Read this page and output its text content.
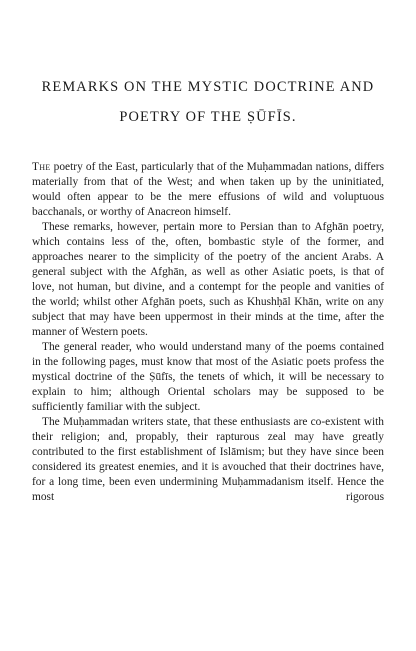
REMARKS ON THE MYSTIC DOCTRINE AND
POETRY OF THE ṢŪFĪS.

The poetry of the East, particularly that of the Muḥammadan nations, differs materially from that of the West; and when taken up by the uninitiated, would often appear to be the mere effusions of wild and voluptuous bacchanals, or worthy of Anacreon himself.

These remarks, however, pertain more to Persian than to Afghān poetry, which contains less of the, often, bombastic style of the former, and approaches nearer to the simplicity of the poetry of the ancient Arabs. A general subject with the Afghān, as well as other Asiatic poets, is that of love, not human, but divine, and a contempt for the people and vanities of the world; whilst other Afghān poets, such as Khushḥāl Khān, write on any subject that may have been uppermost in their minds at the time, after the manner of Western poets.

The general reader, who would understand many of the poems contained in the following pages, must know that most of the Asiatic poets profess the mystical doctrine of the Ṣūfīs, the tenets of which, it will be necessary to explain to him; although Oriental scholars may be supposed to be sufficiently familiar with the subject.

The Muḥammadan writers state, that these enthusiasts are co-existent with their religion; and, propably, their rapturous zeal may have greatly contributed to the first establishment of Islāmism; but they have since been considered its greatest enemies, and it is avouched that their doctrines have, for a long time, been even undermining Muḥammadanism itself. Hence the most rigorous
